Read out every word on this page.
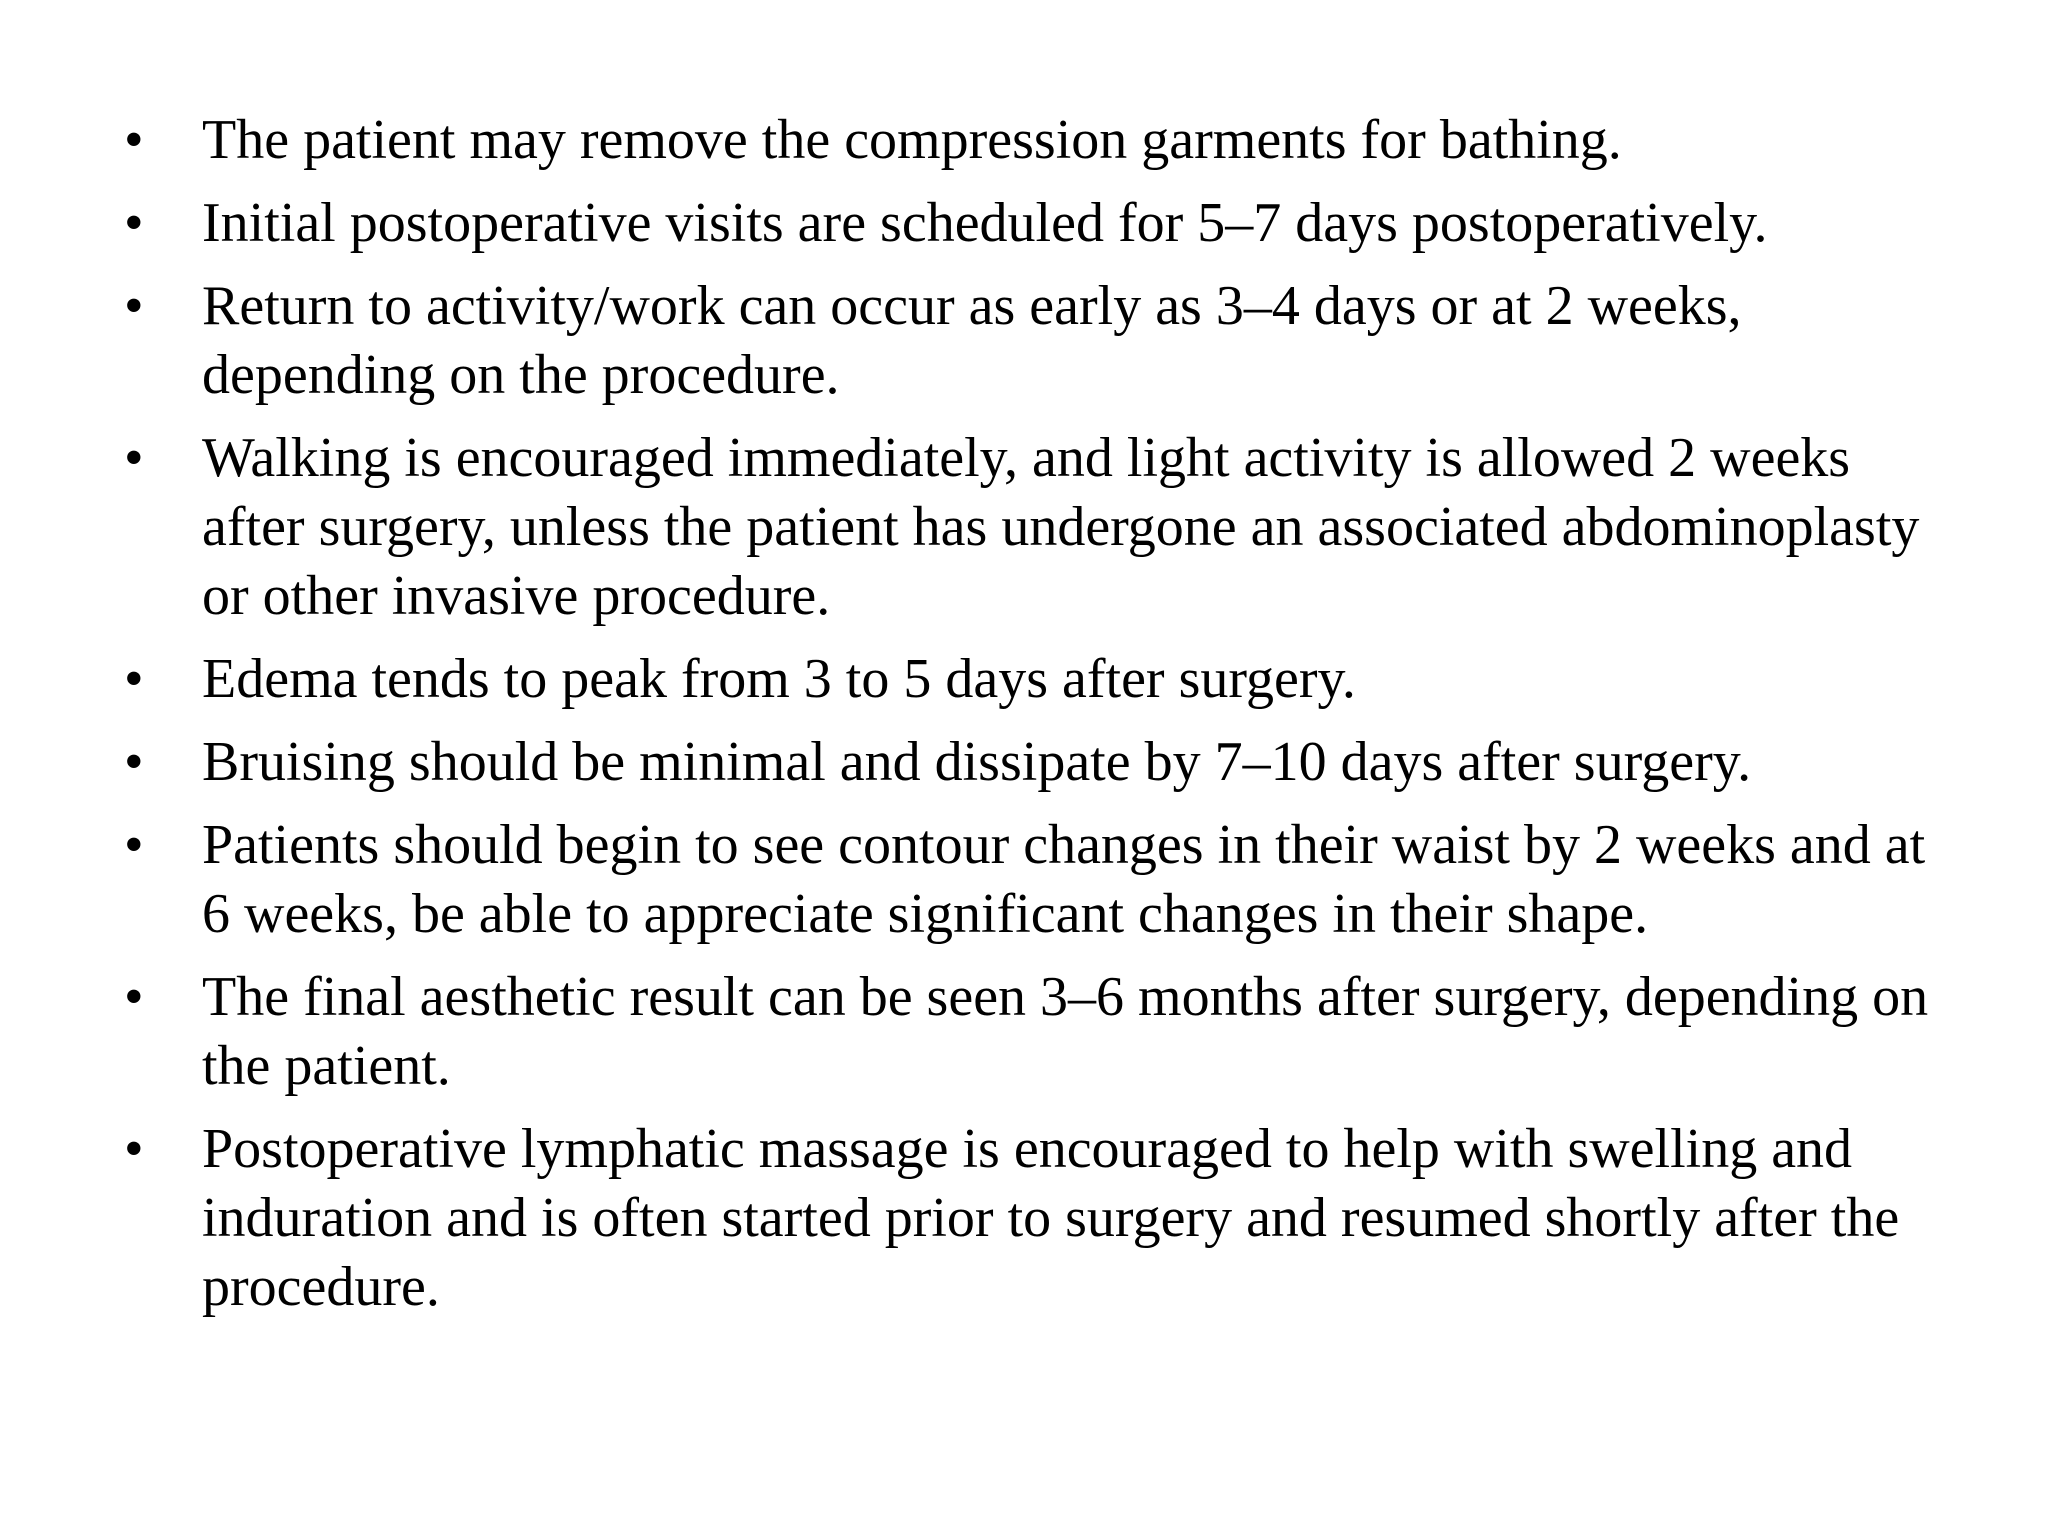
•	The patient may remove the compression garments for bathing.
•	Initial postoperative visits are scheduled for 5–7 days postoperatively.
•	Return to activity/work can occur as early as 3–4 days or at 2 weeks, depending on the procedure.
•	Walking is encouraged immediately, and light activity is allowed 2 weeks after surgery, unless the patient has undergone an associated abdominoplasty or other invasive procedure.
•	Edema tends to peak from 3 to 5 days after surgery.
•	Bruising should be minimal and dissipate by 7–10 days after surgery.
•	Patients should begin to see contour changes in their waist by 2 weeks and at 6 weeks, be able to appreciate significant changes in their shape.
•	The final aesthetic result can be seen 3–6 months after surgery, depending on the patient.
•	Postoperative lymphatic massage is encouraged to help with swelling and induration and is often started prior to surgery and resumed shortly after the procedure.
